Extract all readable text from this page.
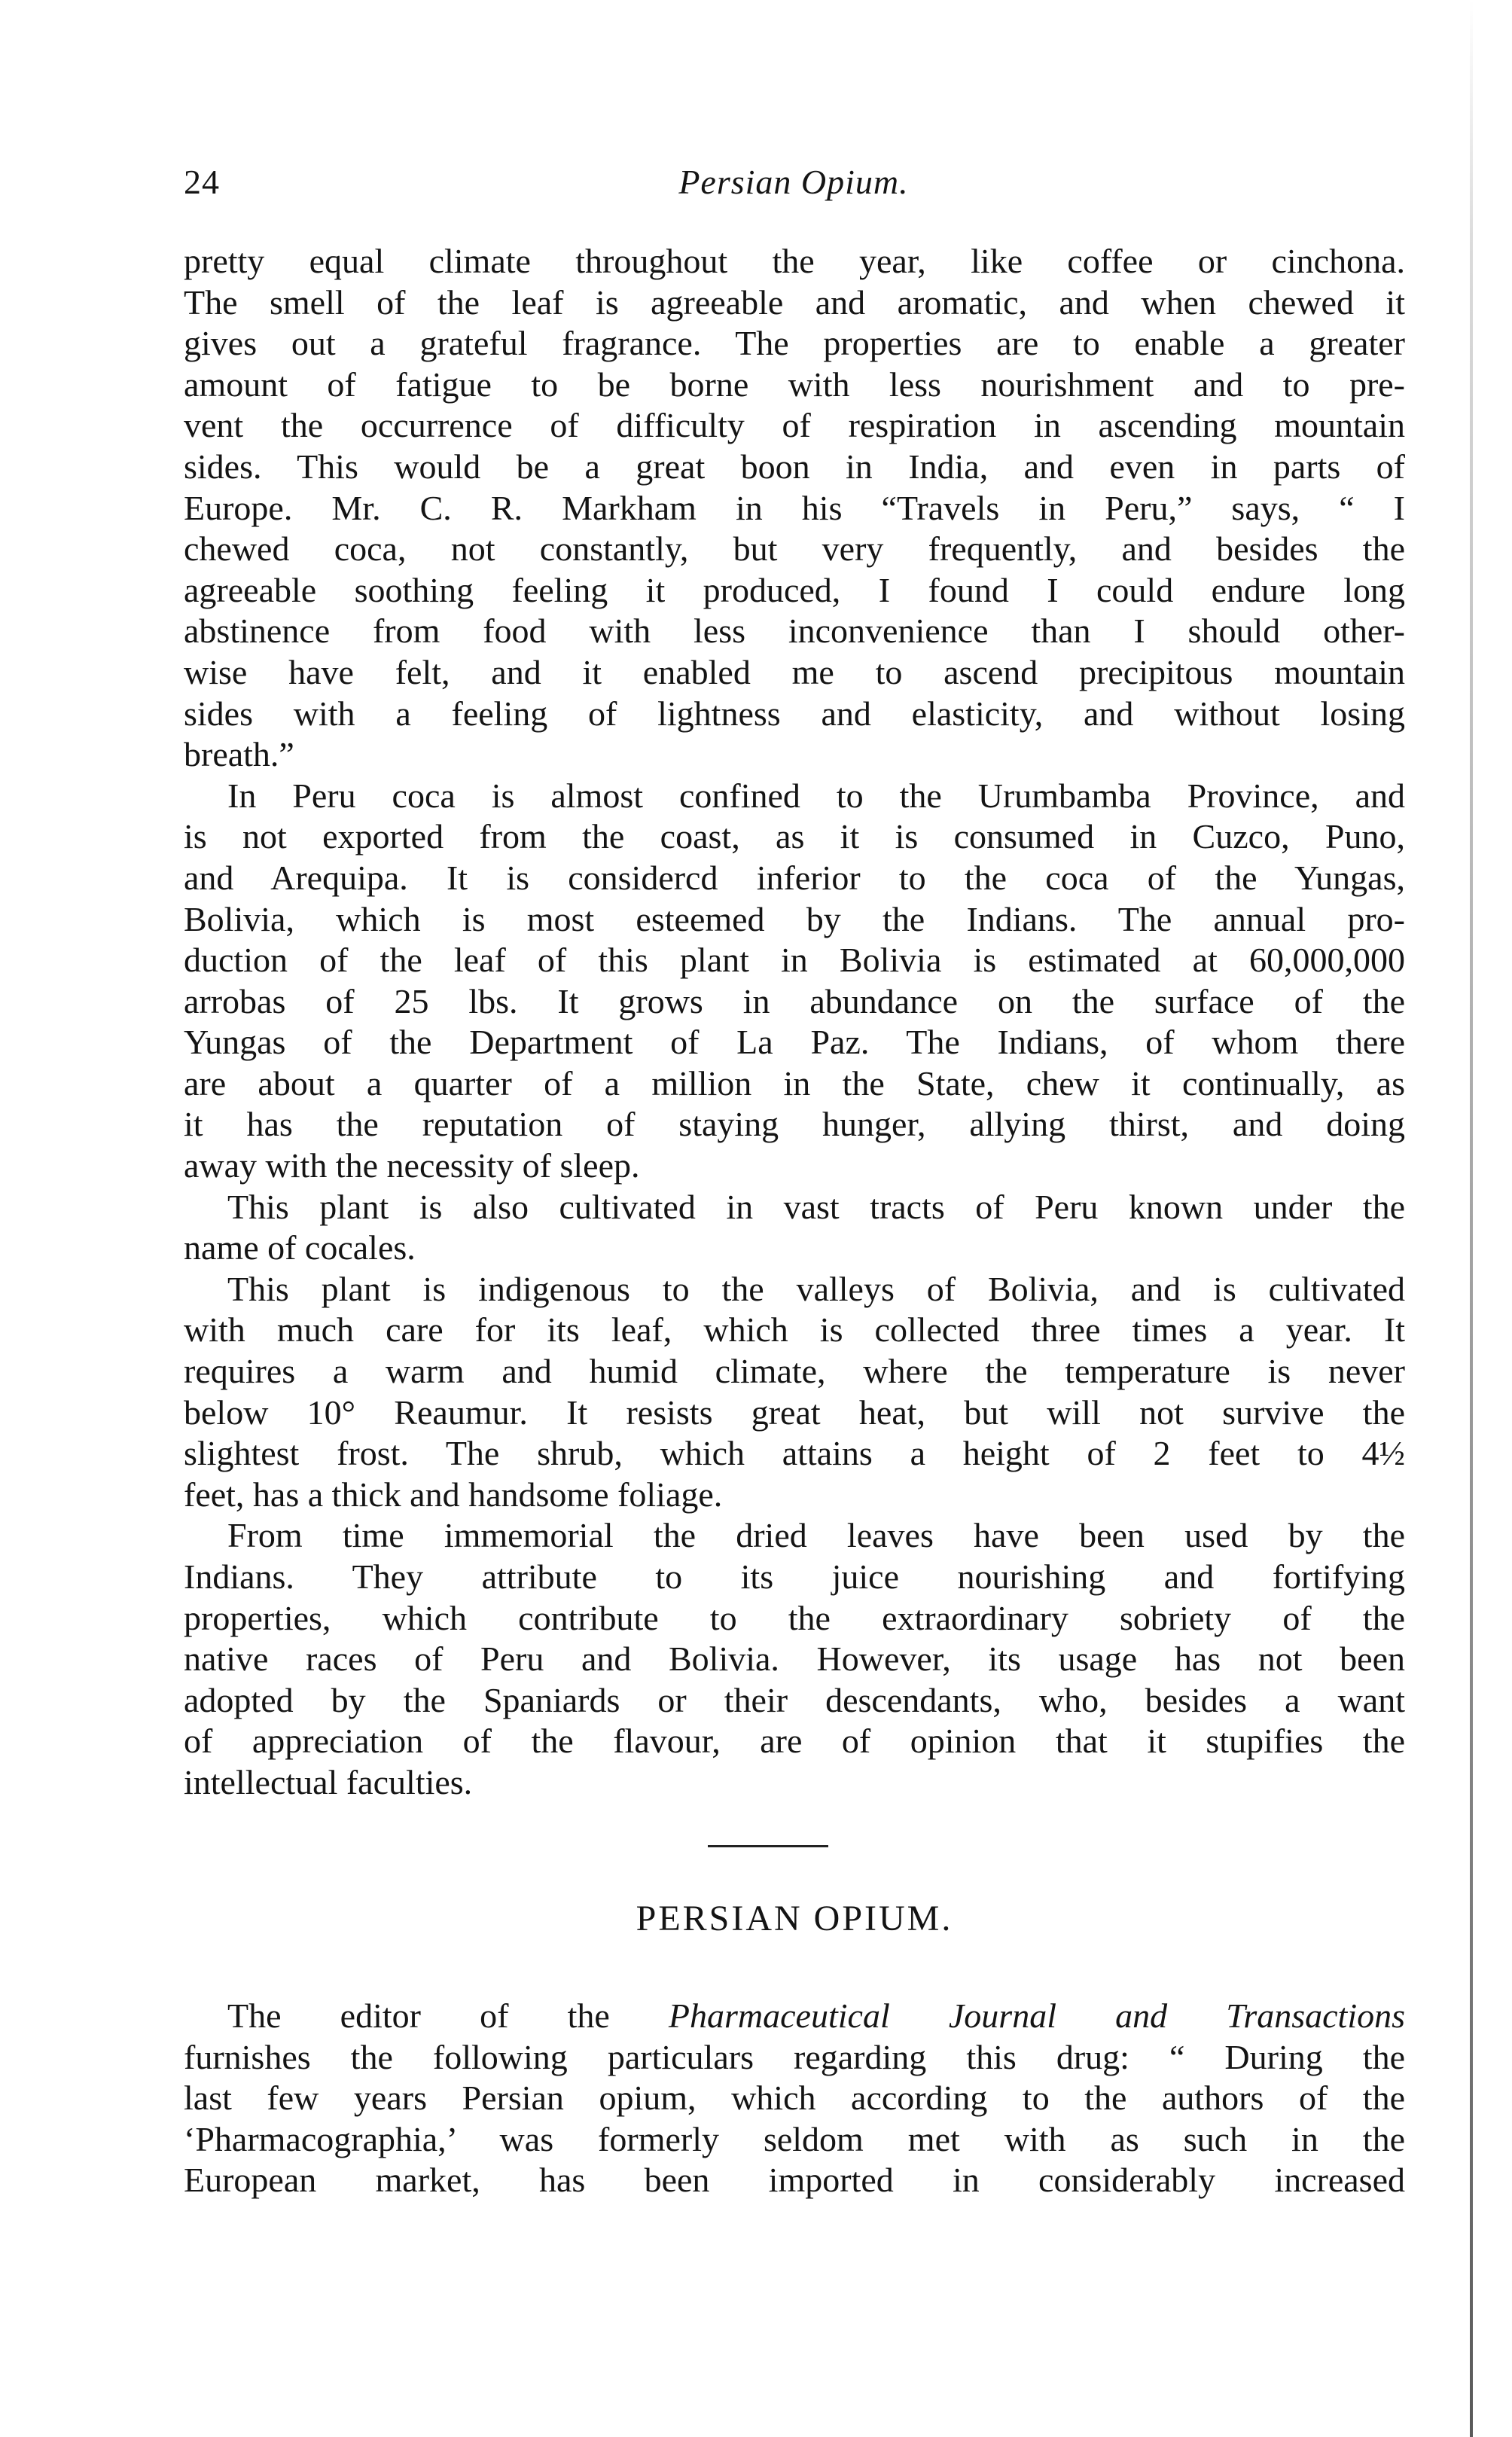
24	Persian Opium.
pretty equal climate throughout the year, like coffee or cinchona.
The smell of the leaf is agreeable and aromatic, and when chewed it
gives out a grateful fragrance. The properties are to enable a greater
amount of fatigue to be borne with less nourishment and to pre-
vent the occurrence of difficulty of respiration in ascending mountain
sides. This would be a great boon in India, and even in parts of
Europe. Mr. C. R. Markham in his “Travels in Peru,” says, “ I
chewed coca, not constantly, but very frequently, and besides the
agreeable soothing feeling it produced, I found I could endure long
abstinence from food with less inconvenience than I should other-
wise have felt, and it enabled me to ascend precipitous mountain
sides with a feeling of lightness and elasticity, and without losing
breath.”
In Peru coca is almost confined to the Urumbamba Province, and
is not exported from the coast, as it is consumed in Cuzco, Puno,
and Arequipa. It is considercd inferior to the coca of the Yungas,
Bolivia, which is most esteemed by the Indians. The annual pro-
duction of the leaf of this plant in Bolivia is estimated at 60,000,000
arrobas of 25 lbs. It grows in abundance on the surface of the
Yungas of the Department of La Paz. The Indians, of whom there
are about a quarter of a million in the State, chew it continually, as
it has the reputation of staying hunger, allying thirst, and doing
away with the necessity of sleep.
This plant is also cultivated in vast tracts of Peru known under the
name of cocales.
This plant is indigenous to the valleys of Bolivia, and is cultivated
with much care for its leaf, which is collected three times a year. It
requires a warm and humid climate, where the temperature is never
below 10° Reaumur. It resists great heat, but will not survive the
slightest frost. The shrub, which attains a height of 2 feet to 4½
feet, has a thick and handsome foliage.
From time immemorial the dried leaves have been used by the
Indians. They attribute to its juice nourishing and fortifying
properties, which contribute to the extraordinary sobriety of the
native races of Peru and Bolivia. However, its usage has not been
adopted by the Spaniards or their descendants, who, besides a want
of appreciation of the flavour, are of opinion that it stupifies the
intellectual faculties.
PERSIAN OPIUM.
The editor of the Pharmaceutical Journal and Transactions
furnishes the following particulars regarding this drug: “ During the
last few years Persian opium, which according to the authors of the
‘Pharmacographia,’ was formerly seldom met with as such in the
European market, has been imported in considerably increased
